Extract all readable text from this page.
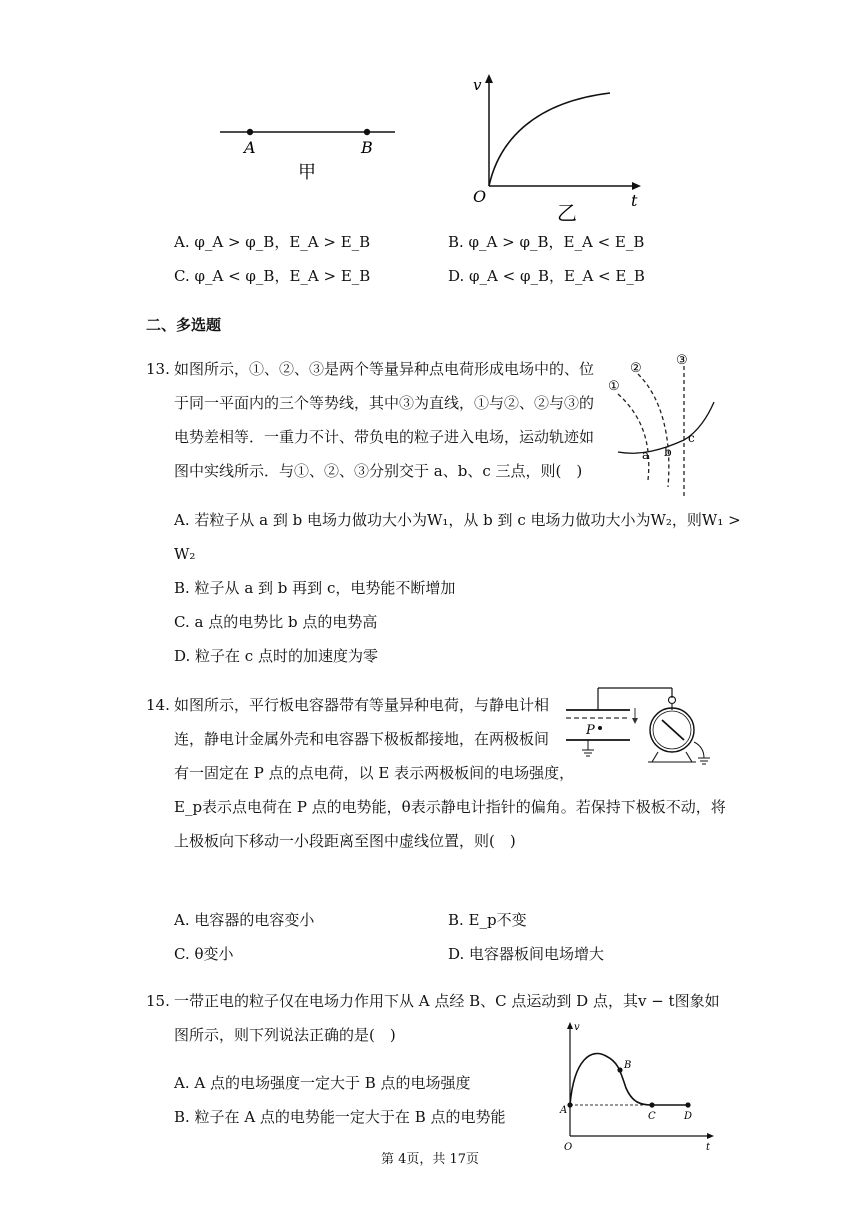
A	B
甲
v
t
O
乙
A. φ_A > φ_B，E_A > E_B	B. φ_A > φ_B，E_A < E_B
C. φ_A < φ_B，E_A > E_B	D. φ_A < φ_B，E_A < E_B
二、多选题
13. 如图所示，①、②、③是两个等量异种点电荷形成电场中的、位
于同一平面内的三个等势线，其中③为直线，①与②、②与③的
电势差相等．一重力不计、带负电的粒子进入电场，运动轨迹如
图中实线所示．与①、②、③分别交于 a、b、c 三点，则(　)
①
②
③
a b
c
A. 若粒子从 a 到 b 电场力做功大小为W₁，从 b 到 c 电场力做功大小为W₂，则W₁ >
W₂
B. 粒子从 a 到 b 再到 c，电势能不断增加
C. a 点的电势比 b 点的电势高
D. 粒子在 c 点时的加速度为零
14. 如图所示，平行板电容器带有等量异种电荷，与静电计相
连，静电计金属外壳和电容器下极板都接地，在两极板间
有一固定在 P 点的点电荷，以 E 表示两极板间的电场强度，
E_p表示点电荷在 P 点的电势能，θ表示静电计指针的偏角。若保持下极板不动，将
上极板向下移动一小段距离至图中虚线位置，则(　)
P
A. 电容器的电容变小	B. E_p不变
C. θ变小	D. 电容器板间电场增大
15. 一带正电的粒子仅在电场力作用下从 A 点经 B、C 点运动到 D 点，其v − t图象如
图所示，则下列说法正确的是(　)
A. A 点的电场强度一定大于 B 点的电场强度
B. 粒子在 A 点的电势能一定大于在 B 点的电势能
v
t
O
A
B
C	D
第 4页，共 17页
